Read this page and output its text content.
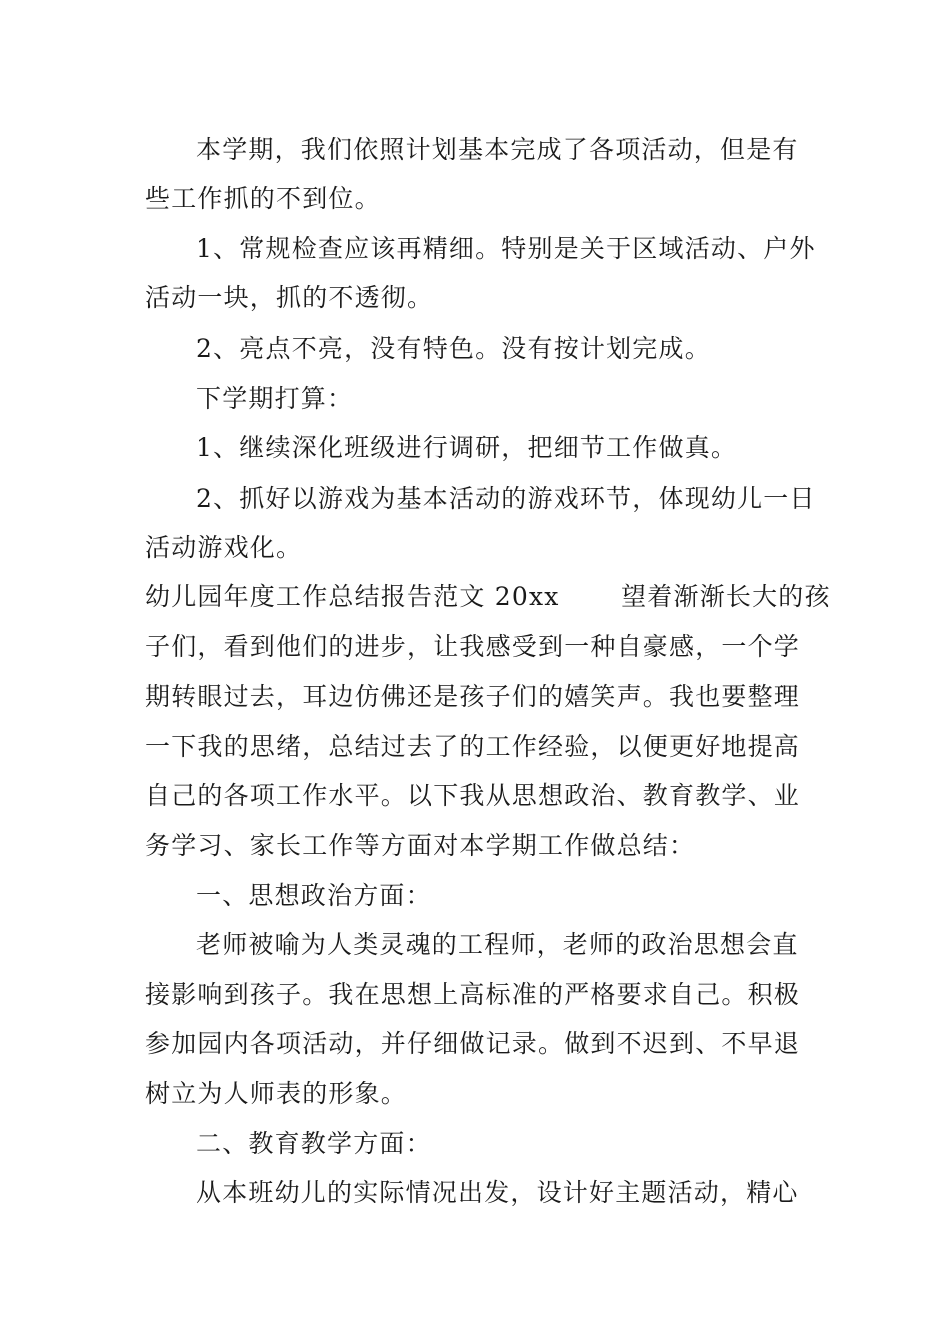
本学期，我们依照计划基本完成了各项活动，但是有
些工作抓的不到位。
1、常规检查应该再精细。特别是关于区域活动、户外
活动一块，抓的不透彻。
2、亮点不亮，没有特色。没有按计划完成。
下学期打算：
1、继续深化班级进行调研，把细节工作做真。
2、抓好以游戏为基本活动的游戏环节，体现幼儿一日
活动游戏化。
幼儿园年度工作总结报告范文 20xx　　 望着渐渐长大的孩
子们，看到他们的进步，让我感受到一种自豪感，一个学
期转眼过去，耳边仿佛还是孩子们的嬉笑声。我也要整理
一下我的思绪，总结过去了的工作经验，以便更好地提高
自己的各项工作水平。以下我从思想政治、教育教学、业
务学习、家长工作等方面对本学期工作做总结：
一、思想政治方面：
老师被喻为人类灵魂的工程师，老师的政治思想会直
接影响到孩子。我在思想上高标准的严格要求自己。积极
参加园内各项活动，并仔细做记录。做到不迟到、不早退
树立为人师表的形象。
二、教育教学方面：
从本班幼儿的实际情况出发，设计好主题活动，精心
